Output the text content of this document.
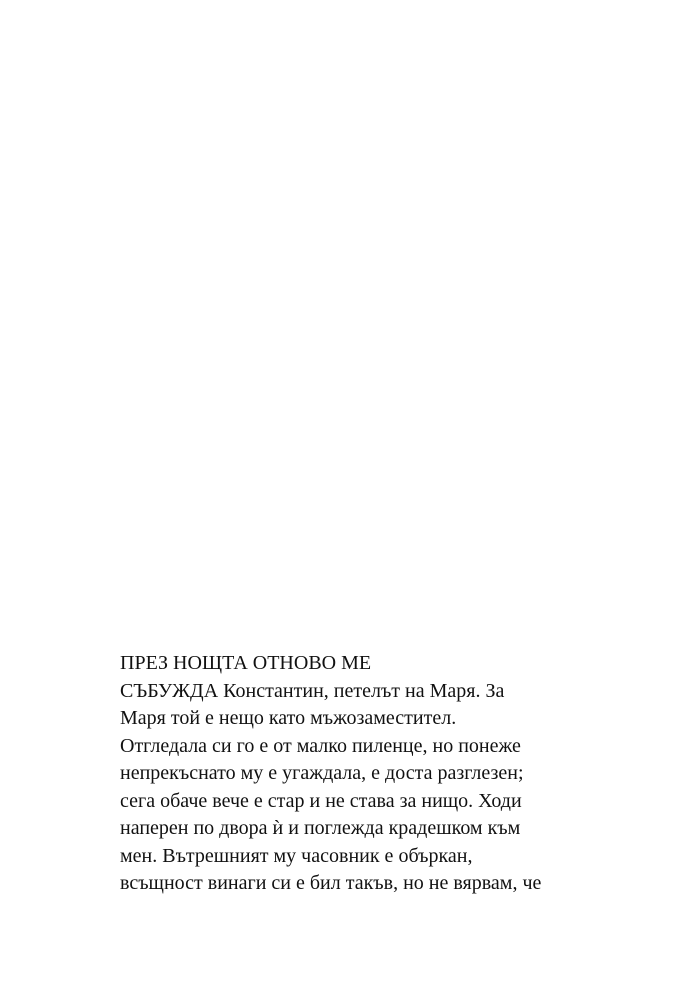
ПРЕЗ НОЩТА ОТНОВО МЕ
СЪБУЖДА Константин, петелът на Маря. За
Маря той е нещо като мъжозаместител.
Отгледала си го е от малко пиленце, но понеже
непрекъснато му е угаждала, е доста разглезен;
сега обаче вече е стар и не става за нищо. Ходи
наперен по двора ѝ и поглежда крадешком към
мен. Вътрешният му часовник е объркан,
всъщност винаги си е бил такъв, но не вярвам, че
